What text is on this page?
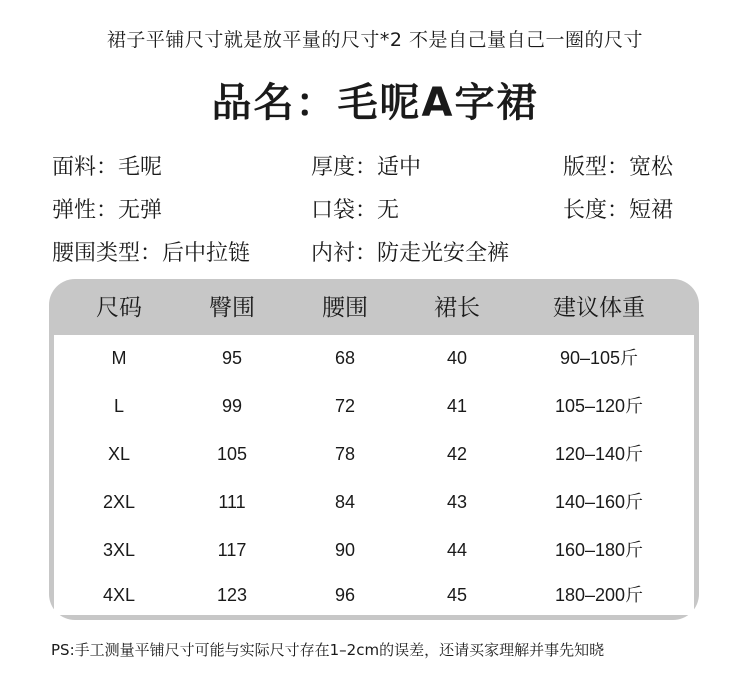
裙子平铺尺寸就是放平量的尺寸*2 不是自己量自己一圈的尺寸
品名：毛呢A字裙
面料：毛呢	厚度：适中	版型：宽松
弹性：无弹	口袋：无	长度：短裙
腰围类型：后中拉链	内衬：防走光安全裤
尺码	臀围	腰围	裙长	建议体重
M	95	68	40	90–105斤
L	99	72	41	105–120斤
XL	105	78	42	120–140斤
2XL	111	84	43	140–160斤
3XL	117	90	44	160–180斤
4XL	123	96	45	180–200斤
PS:手工测量平铺尺寸可能与实际尺寸存在1–2cm的误差，还请买家理解并事先知晓
